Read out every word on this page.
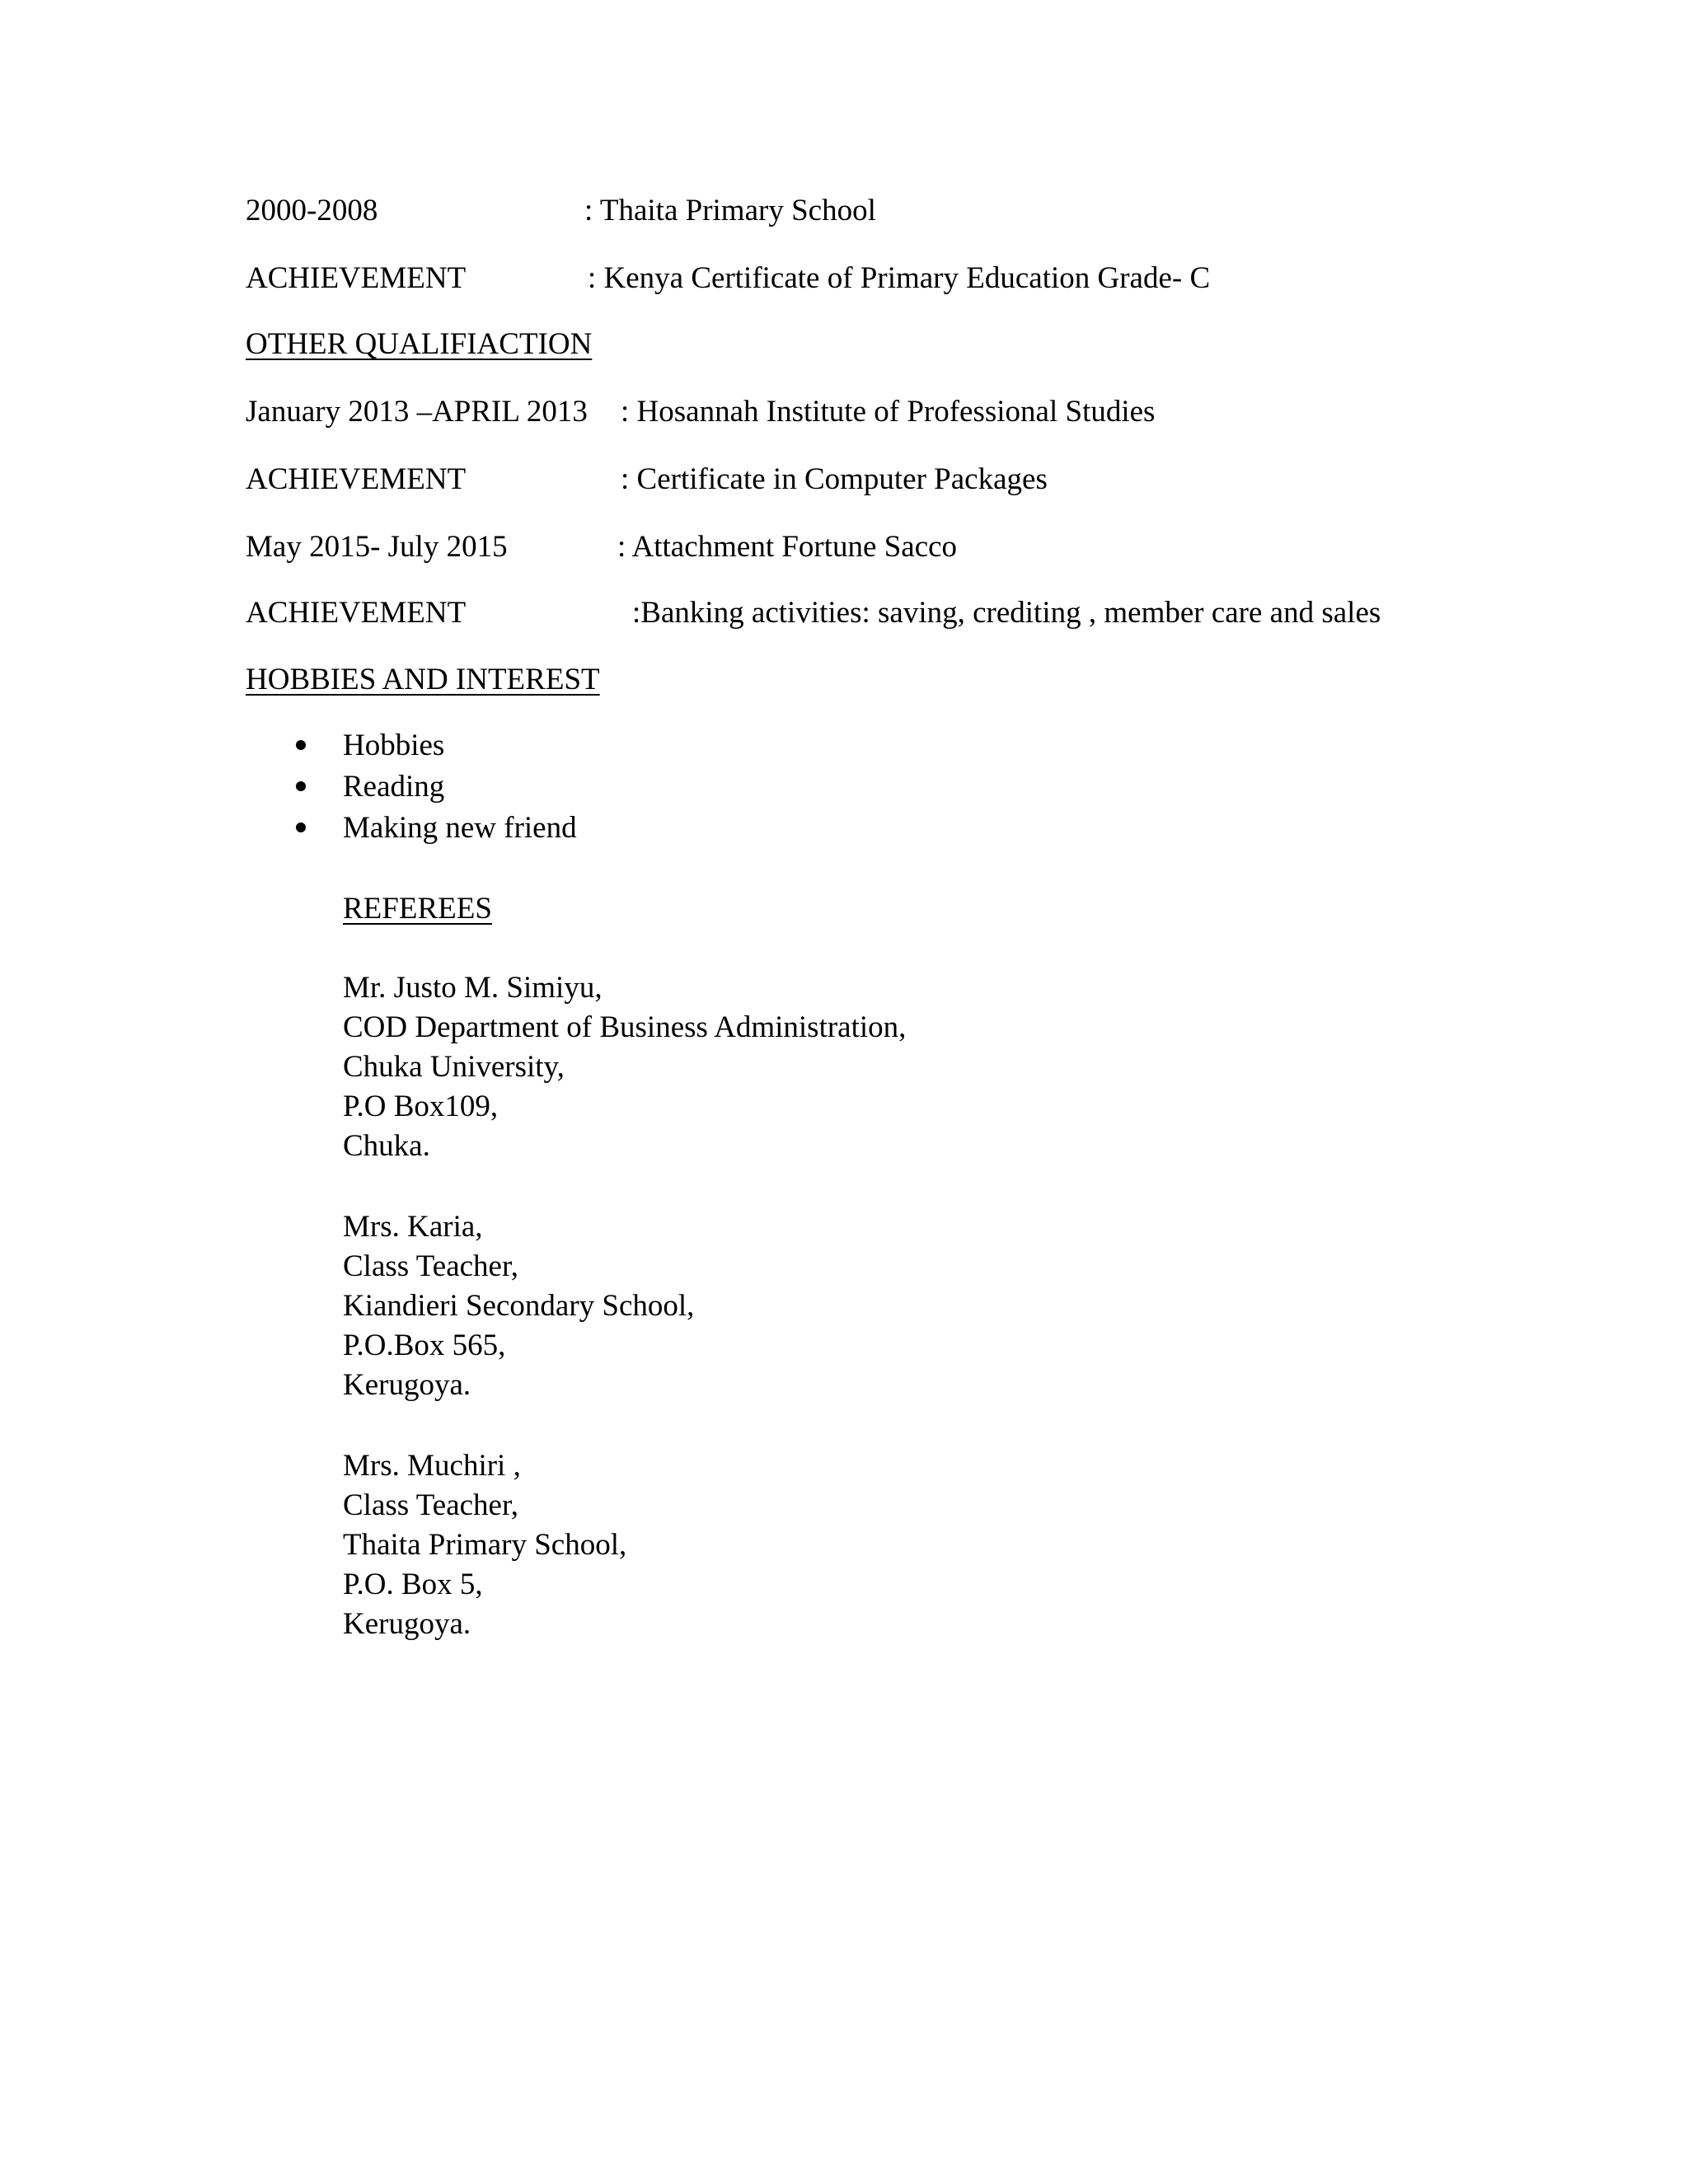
2000-2008	: Thaita Primary School
ACHIEVEMENT	: Kenya Certificate of Primary Education Grade- C
OTHER QUALIFIACTION
January 2013 –APRIL 2013 : Hosannah Institute of Professional Studies
ACHIEVEMENT	: Certificate in Computer Packages
May 2015- July 2015	: Attachment Fortune Sacco
ACHIEVEMENT	:Banking activities: saving, crediting , member care and sales
HOBBIES AND INTEREST
Hobbies
Reading
Making new friend
REFEREES
Mr. Justo M. Simiyu,
COD Department of Business Administration,
Chuka University,
P.O Box109,
Chuka.
Mrs. Karia,
Class Teacher,
Kiandieri Secondary School,
P.O.Box 565,
Kerugoya.
Mrs. Muchiri ,
Class Teacher,
Thaita Primary School,
P.O. Box 5,
Kerugoya.
